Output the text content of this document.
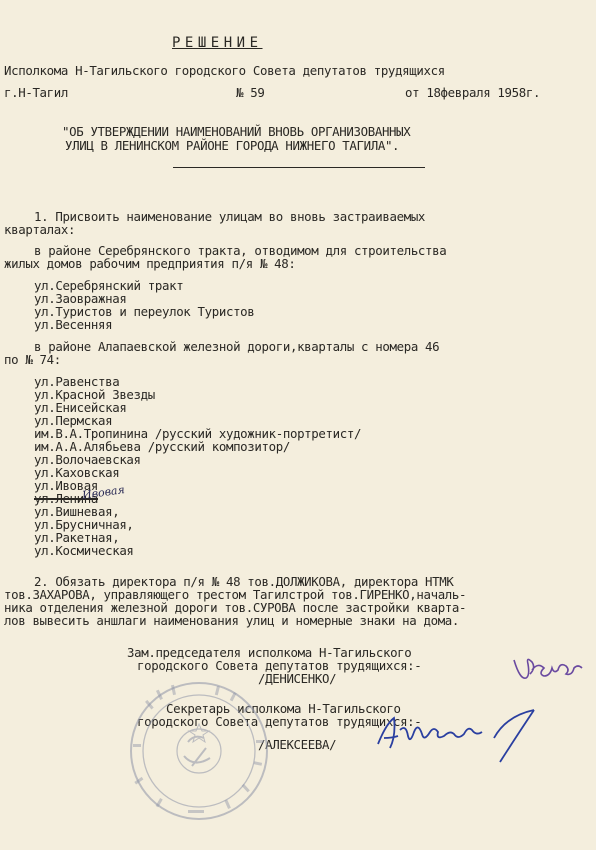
РЕШЕНИЕ
Исполкома Н-Тагильского городского Совета депутатов трудящихся
г.Н-Тагил	№ 59	от 18февраля 1958г.
"ОБ УТВЕРЖДЕНИИ НАИМЕНОВАНИЙ ВНОВЬ ОРГАНИЗОВАННЫХ
УЛИЦ В ЛЕНИНСКОМ РАЙОНЕ ГОРОДА НИЖНЕГО ТАГИЛА".
1. Присвоить наименование улицам во вновь застраиваемых
кварталах:
в районе Серебрянского тракта, отводимом для строительства
жилых домов рабочим предприятия п/я № 48:
ул.Серебрянский тракт
ул.Заовражная
ул.Туристов и переулок Туристов
ул.Весенняя
в районе Алапаевской железной дороги,кварталы с номера 46
по № 74:
ул.Равенства
ул.Красной Звезды
ул.Енисейская
ул.Пермская
им.В.А.Тропинина /русский художник-портретист/
им.А.А.Алябьева /русский композитор/
ул.Волочаевская
ул.Каховская
ул.Ивовая
ул.Ленина
ул.Вишневая,
ул.Брусничная,
ул.Ракетная,
ул.Космическая
Ивовая
2. Обязать директора п/я № 48 тов.ДОЛЖИКОВА, директора НТМК
тов.ЗАХАРОВА, управляющего трестом Тагилстрой тов.ГИРЕНКО,началь-
ника отделения железной дороги тов.СУРОВА после застройки кварта-
лов вывесить аншлаги наименования улиц и номерные знаки на дома.
Зам.председателя исполкома Н-Тагильского
городского Совета депутатов трудящихся:-
/ДЕНИСЕНКО/
Секретарь исполкома Н-Тагильского
городского Совета депутатов трудящихся:-
/АЛЕКСЕЕВА/
